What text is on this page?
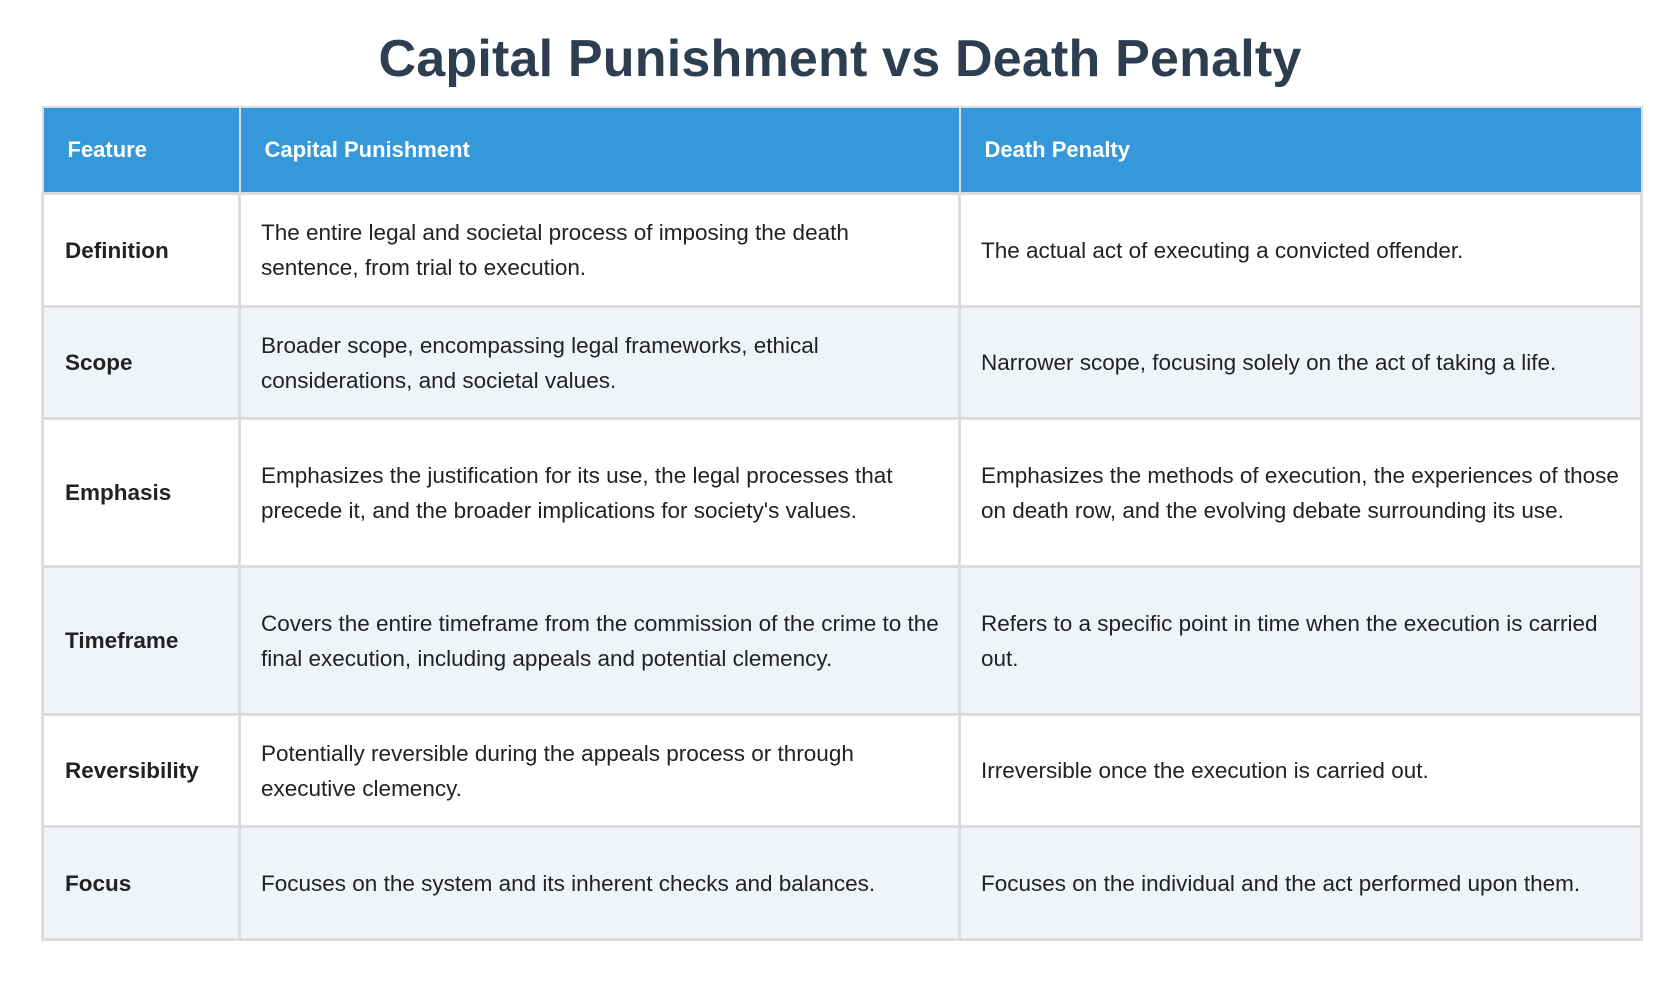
Capital Punishment vs Death Penalty
Feature	Capital Punishment	Death Penalty
Definition	The entire legal and societal process of imposing the death sentence, from trial to execution.	The actual act of executing a convicted offender.
Scope	Broader scope, encompassing legal frameworks, ethical considerations, and societal values.	Narrower scope, focusing solely on the act of taking a life.
Emphasis	Emphasizes the justification for its use, the legal processes that precede it, and the broader implications for society's values.	Emphasizes the methods of execution, the experiences of those on death row, and the evolving debate surrounding its use.
Timeframe	Covers the entire timeframe from the commission of the crime to the final execution, including appeals and potential clemency.	Refers to a specific point in time when the execution is carried out.
Reversibility	Potentially reversible during the appeals process or through executive clemency.	Irreversible once the execution is carried out.
Focus	Focuses on the system and its inherent checks and balances.	Focuses on the individual and the act performed upon them.
